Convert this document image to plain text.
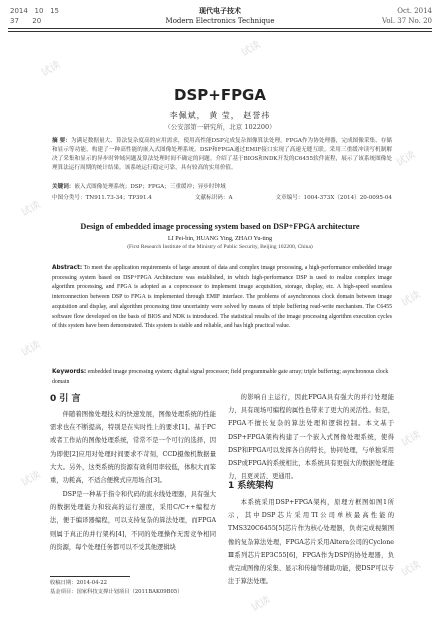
2014   10   15
37      20
现代电子技术
Modern Electronics Technique
Oct. 2014
Vol. 37 No. 20
DSP+FPGA
李佩斌， 黄 莹， 赵誉祎
（公安部第一研究所，北京 102200）
摘 要：为满足数据量大、算法复杂度高的应用需求，使用高性能DSP完成复杂图像算法处理，FPGA作为协处理器，完成图像采集、存储和显示等功能，构建了一种高性能的嵌入式图像处理系统。DSP和FPGA通过EMIF接口实现了高速无缝互联。采用三重缓冲读写机制解决了采集和显示的异步时钟域问题及算法处理时间不确定的问题。介绍了基于BIOS和NDK开发的C6455软件流程，展示了该系统图像处理算法运行周期的统计结果。该系统运行稳定可靠，具有较高的实用价值。
关键词：嵌入式图像处理系统；DSP；FPGA；三重缓冲；异步时钟域
中图分类号：TN911.73-34；TP391.4	文献标识码：A	文章编号：1004-373X（2014）20-0095-04
Design of embedded image processing system based on DSP+FPGA architecture
LI Pei-bin, HUANG Ying, ZHAO Yu-ting
(First Research Institute of the Ministry of Public Security, Beijing 102200, China)
Abstract: To meet the application requirements of large amount of data and complex image processing, a high-performance embedded image processing system based on DSP+FPGA Architecture was established, in which high-performance DSP is used to realize complex image algorithm processing, and FPGA is adopted as a coprocessor to implement image acquisition, storage, display, etc. A high-speed seamless interconnection between DSP to FPGA is implemented through EMIF interface. The problems of asynchronous clock domain between image acquisition and display, and algorithm processing time uncertainty were solved by means of triple buffering read-write mechanism. The C6455 software flow developed on the basis of BIOS and NDK is introduced. The statistical results of the image processing algorithm execution cycles of this system have been demonstrated. This system is stable and reliable, and has high practical value.
Keywords: embedded image processing system; digital signal processor; field programmable gate array; triple buffering; asynchronous clock domain
0 引 言
伴随着图像处理技术的快速发展，图像处理系统的性能需求也在不断提高，特别是在实时性上的要求[1]。基于PC或者工作站的图像处理系统，常常不是一个可行的选择，因为即使[2]应用对处理时间要求不苛刻，CCD摄像机数据量大大。另外，这类系统的资源有效利用率较低，体积大而笨重，功耗高，不适合便携式应用场合[3]。
DSP是一种基于指令和代码的流水线处理器，具有强大的数据处理能力和较高的运行速度，采用C/C++编程方法，便于编译器编程，可以支持复杂的算法处理，而FPGA则属于真正的并行架构[4]，不同的处理操作无需竞争相同的资源，每个处理任务都可以不受其他逻辑块
的影响自主运行，因此FPGA具有强大的并行处理能力，具有现场可编程的属性也带来了更大的灵活性。但是，FPGA不擅长复杂的算法处理和逻辑控制。本文基于DSP+FPGA架构构建了一个嵌入式图像处理系统，使得DSP和FPGA可以发挥各自的特长，协同处理，与单独采用DSP或FPGA的系统相比，本系统具有更强大的数据处理能力，且更灵活、更通用。
1 系统架构
本系统采用DSP+FPGA架构，原理方框图如图1所示，其中DSP芯片采用TI公司单核最高性能的TMS320C6455[5]芯片作为核心处理器，负责完成视频图像的复杂算法处理，FPGA芯片采用Altera公司的Cyclone Ⅲ系列芯片EP3C55[6]，FPGA作为DSP的协处理器，负责完成图像的采集、显示和传输等辅助功能，使DSP可以专注于算法处理。
收稿日期：2014-04-22
基金项目：国家科技支撑计划项目（2011BAK09B05）
试读
试读
试读
试读
试读
试读
试读
试读
试读
试读
